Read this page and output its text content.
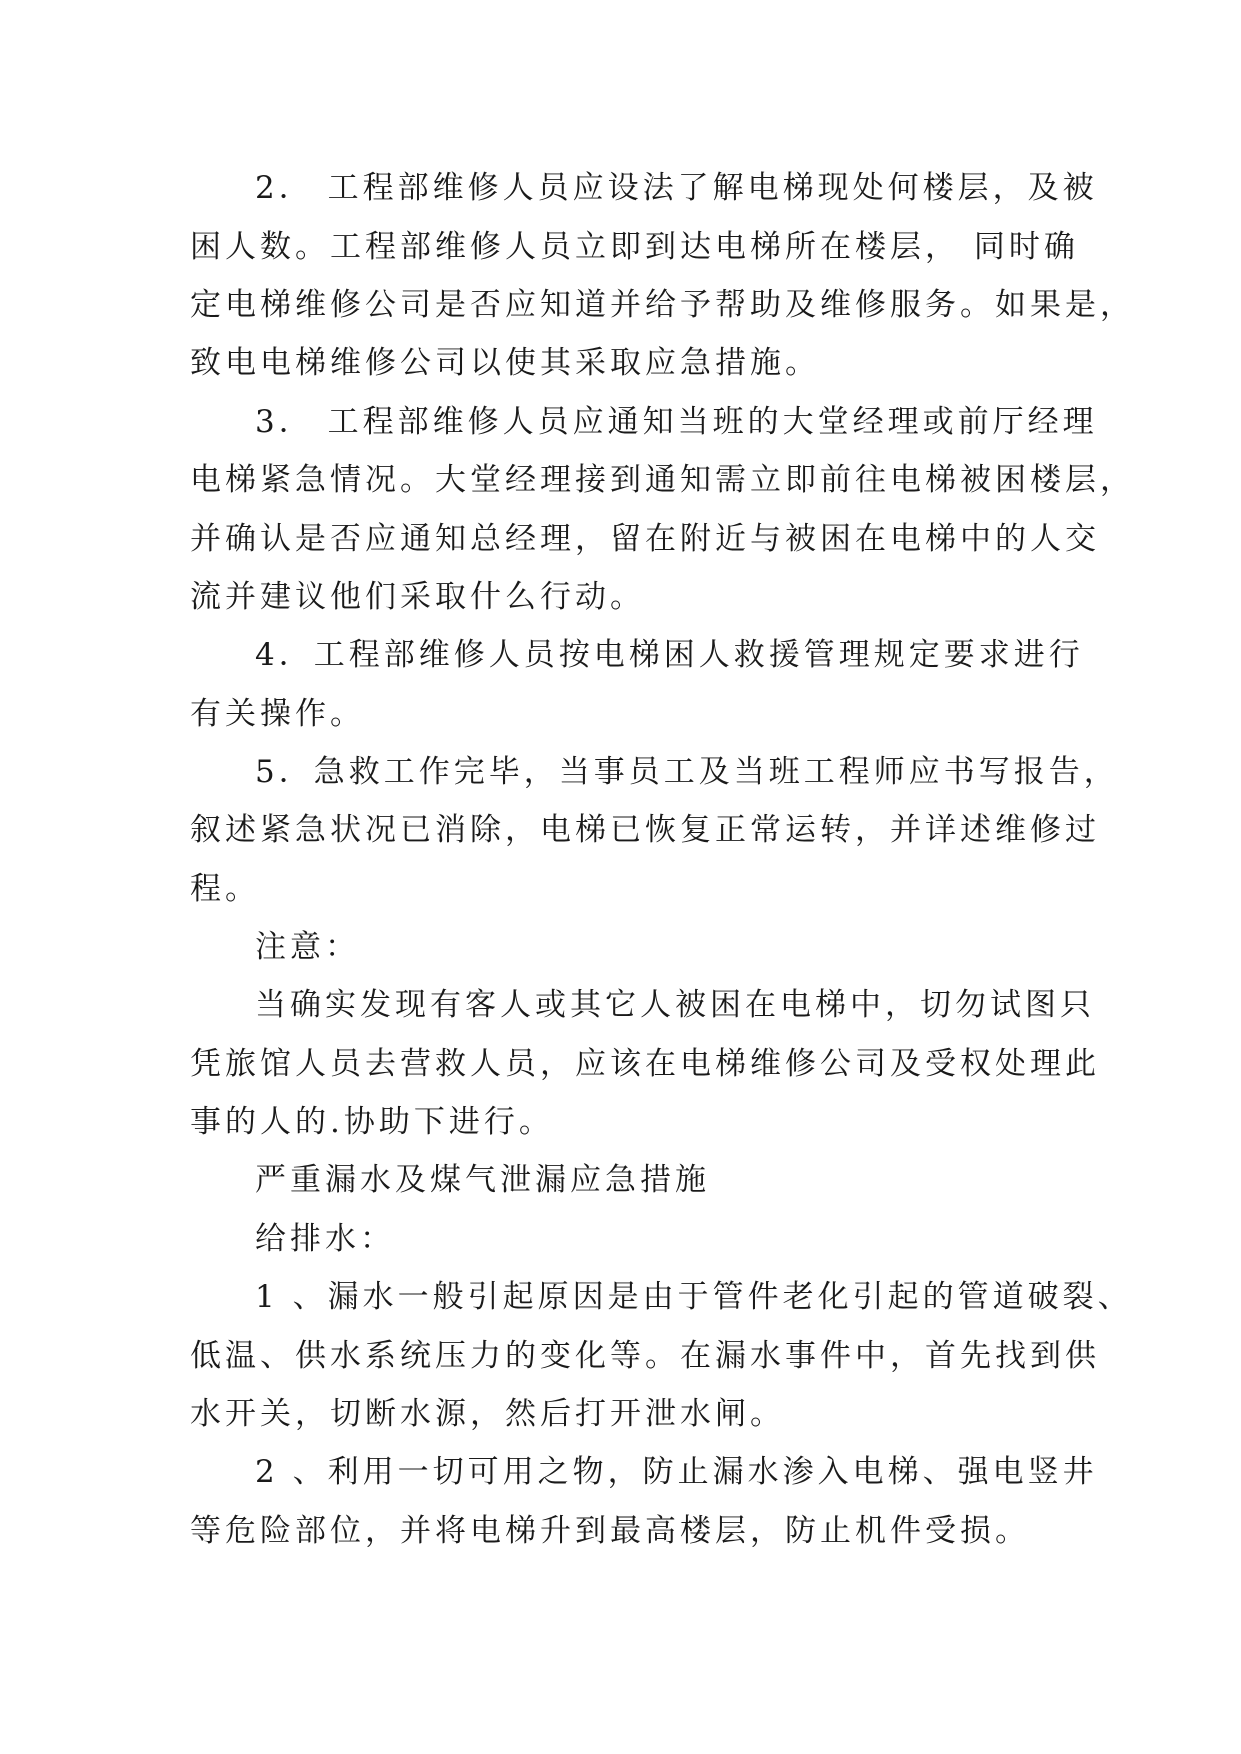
2． 工程部维修人员应设法了解电梯现处何楼层，及被
困人数。工程部维修人员立即到达电梯所在楼层， 同时确
定电梯维修公司是否应知道并给予帮助及维修服务。如果是，
致电电梯维修公司以使其采取应急措施。
3． 工程部维修人员应通知当班的大堂经理或前厅经理
电梯紧急情况。大堂经理接到通知需立即前往电梯被困楼层，
并确认是否应通知总经理，留在附近与被困在电梯中的人交
流并建议他们采取什么行动。
4．工程部维修人员按电梯困人救援管理规定要求进行
有关操作。
5．急救工作完毕，当事员工及当班工程师应书写报告，
叙述紧急状况已消除，电梯已恢复正常运转，并详述维修过
程。
注意：
当确实发现有客人或其它人被困在电梯中，切勿试图只
凭旅馆人员去营救人员，应该在电梯维修公司及受权处理此
事的人的.协助下进行。
严重漏水及煤气泄漏应急措施
给排水：
1 、漏水一般引起原因是由于管件老化引起的管道破裂、
低温、供水系统压力的变化等。在漏水事件中，首先找到供
水开关，切断水源，然后打开泄水闸。
2 、利用一切可用之物，防止漏水渗入电梯、强电竖井
等危险部位，并将电梯升到最高楼层，防止机件受损。
